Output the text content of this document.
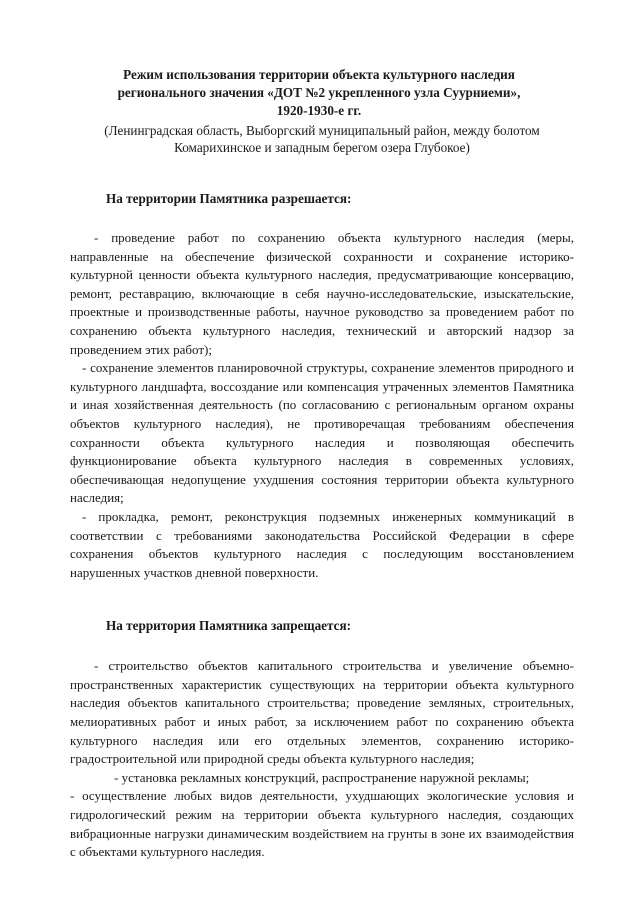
Режим использования территории объекта культурного наследия
регионального значения «ДОТ №2 укрепленного узла Суурниеми»,
1920-1930-е гг.
(Ленинградская область, Выборгский муниципальный район, между болотом
Комарихинское и западным берегом озера Глубокое)
На территории Памятника разрешается:

- проведение работ по сохранению объекта культурного наследия (меры, направленные на обеспечение физической сохранности и сохранение историко-культурной ценности объекта культурного наследия, предусматривающие консервацию, ремонт, реставрацию, включающие в себя научно-исследовательские, изыскательские, проектные и производственные работы, научное руководство за проведением работ по сохранению объекта культурного наследия, технический и авторский надзор за проведением этих работ);

- сохранение элементов планировочной структуры, сохранение элементов природного и культурного ландшафта, воссоздание или компенсация утраченных элементов Памятника и иная хозяйственная деятельность (по согласованию с региональным органом охраны объектов культурного наследия), не противоречащая требованиям обеспечения сохранности объекта культурного наследия и позволяющая обеспечить функционирование объекта культурного наследия в современных условиях, обеспечивающая недопущение ухудшения состояния территории объекта культурного наследия;

- прокладка, ремонт, реконструкция подземных инженерных коммуникаций в соответствии с требованиями законодательства Российской Федерации в сфере сохранения объектов культурного наследия с последующим восстановлением нарушенных участков дневной поверхности.

На территория Памятника запрещается:

- строительство объектов капитального строительства и увеличение объемно-пространственных характеристик существующих на территории объекта культурного наследия объектов капитального строительства; проведение земляных, строительных, мелиоративных работ и иных работ, за исключением работ по сохранению объекта культурного наследия или его отдельных элементов, сохранению историко-градостроительной или природной среды объекта культурного наследия;

- установка рекламных конструкций, распространение наружной рекламы;

- осуществление любых видов деятельности, ухудшающих экологические условия и гидрологический режим на территории объекта культурного наследия, создающих вибрационные нагрузки динамическим воздействием на грунты в зоне их взаимодействия с объектами культурного наследия.
